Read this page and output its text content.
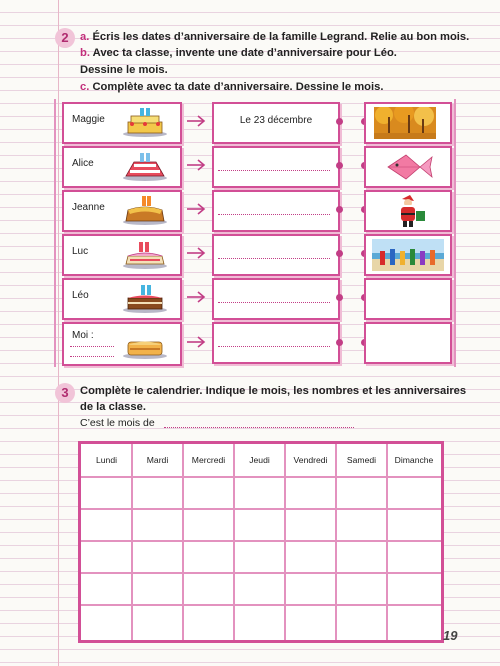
2	a. Écris les dates d’anniversaire de la famille Legrand. Relie au bon mois.
b. Avec ta classe, invente une date d’anniversaire pour Léo.
Dessine le mois.
c. Complète avec ta date d’anniversaire. Dessine le mois.
Maggie	Le 23 décembre
Alice
Jeanne
Luc
Léo
Moi :
3	Complète le calendrier. Indique le mois, les nombres et les anniversaires
de la classe.
C’est le mois de
Lundi	Mardi	Mercredi	Jeudi	Vendredi	Samedi	Dimanche
19
